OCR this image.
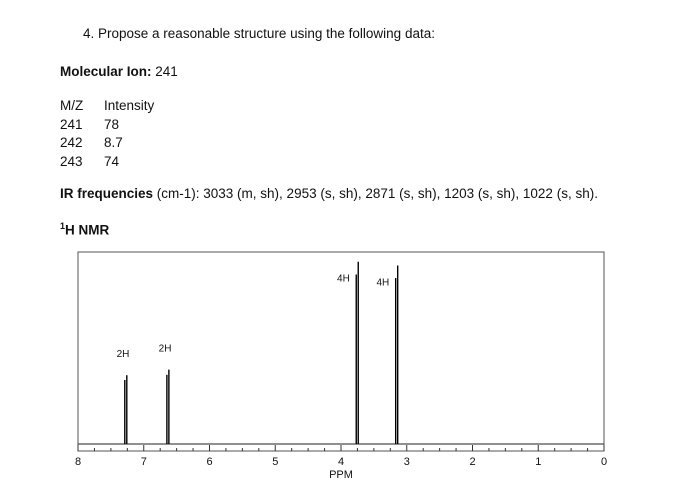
4. Propose a reasonable structure using the following data:
Molecular Ion: 241
M/Z	Intensity
241	78
242	8.7
243	74
IR frequencies (cm-1): 3033 (m, sh), 2953 (s, sh), 2871 (s, sh), 1203 (s, sh), 1022 (s, sh).
$^1$H NMR
8	7	6	5	4	3	2	1	0
PPM
2H
2H
4H	4H
